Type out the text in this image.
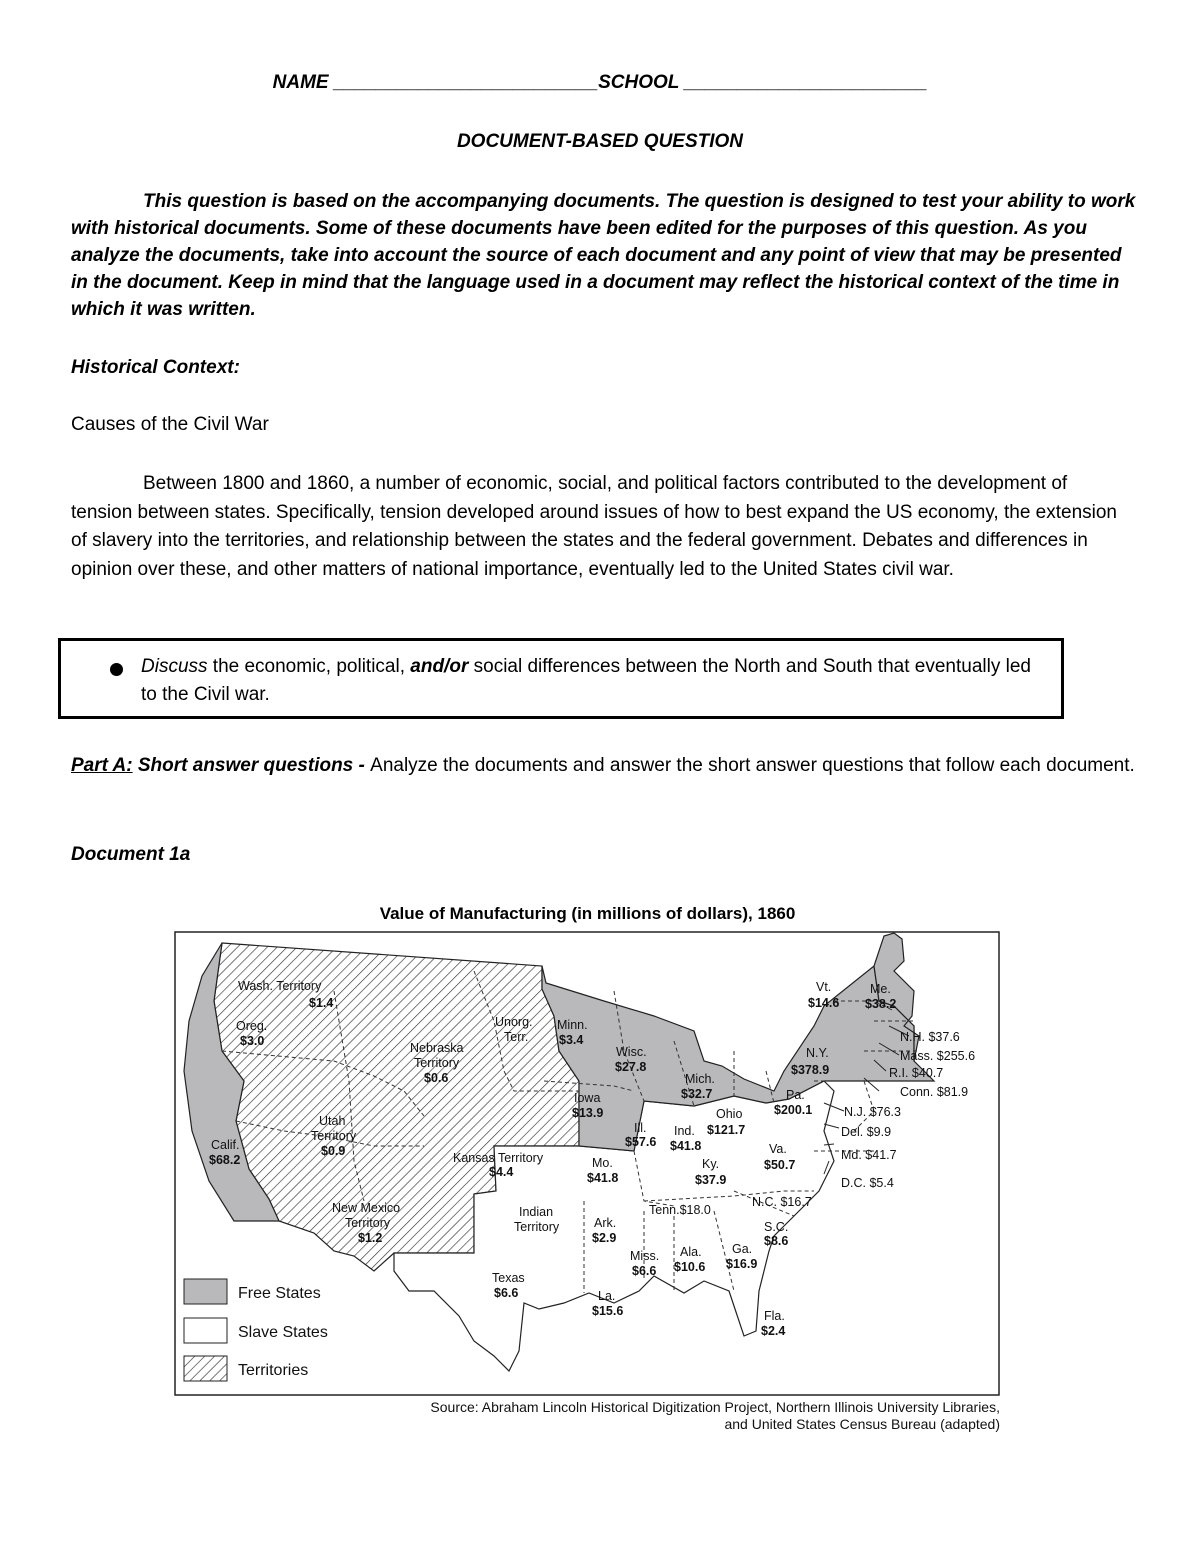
NAME _________________________SCHOOL _______________________
DOCUMENT-BASED QUESTION
This question is based on the accompanying documents. The question is designed to test your ability to work with historical documents. Some of these documents have been edited for the purposes of this question. As you analyze the documents, take into account the source of each document and any point of view that may be presented in the document. Keep in mind that the language used in a document may reflect the historical context of the time in which it was written.
Historical Context:
Causes of the Civil War
Between 1800 and 1860, a number of economic, social, and political factors contributed to the development of tension between states. Specifically, tension developed around issues of how to best expand the US economy, the extension of slavery into the territories, and relationship between the states and the federal government. Debates and differences in opinion over these, and other matters of national importance, eventually led to the United States civil war.
Discuss the economic, political, and/or social differences between the North and South that eventually led to the Civil war.
Part A: Short answer questions - Analyze the documents and answer the short answer questions that follow each document.
Document 1a
Value of Manufacturing (in millions of dollars), 1860
Wash. Territory
$1.4
Oreg.
$3.0
Calif.
$68.2
Utah
Territory
$0.9
Nebraska
Territory
$0.6
Unorg.
Terr.
Minn.
$3.4
Iowa
$13.9
Kansas Territory
$4.4
New Mexico
Territory
$1.2
Indian
Territory
Texas
$6.6
Wisc.
$27.8
Mich.
$32.7
Ill.
$57.6
Ind.
$41.8
Ohio
$121.7
Mo.
$41.8
Ky.
$37.9
Tenn.$18.0
Ark.
$2.9
Miss.
$6.6
Ala.
$10.6
Ga.
$16.9
La.
$15.6	Fla.
$2.4
Va.
$50.7
N.C. $16.7
S.C.
$8.6
Pa.
$200.1
N.Y.
$378.9
Vt.
$14.6
Me.
$38.2
N.H. $37.6
Mass. $255.6
R.I. $40.7
Conn. $81.9
N.J. $76.3
Del. $9.9
Md. $41.7
D.C. $5.4
Free States
Slave States
Territories
Source: Abraham Lincoln Historical Digitization Project, Northern Illinois University Libraries,
and United States Census Bureau (adapted)
